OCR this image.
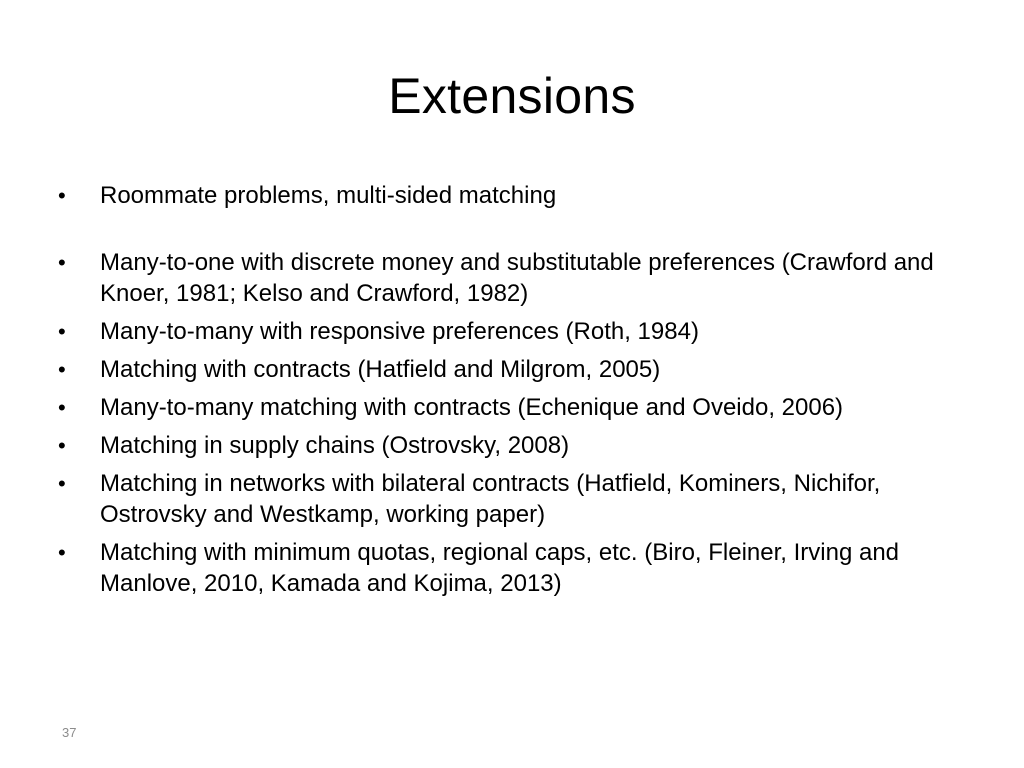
Extensions
•	Roommate problems, multi-sided matching
•	Many-to-one with discrete money and substitutable preferences (Crawford and Knoer, 1981; Kelso and Crawford, 1982)
•	Many-to-many with responsive preferences (Roth, 1984)
•	Matching with contracts (Hatfield and Milgrom, 2005)
•	Many-to-many matching with contracts (Echenique and Oveido, 2006)
•	Matching in supply chains (Ostrovsky, 2008)
•	Matching in networks with bilateral contracts (Hatfield, Kominers, Nichifor, Ostrovsky and Westkamp, working paper)
•	Matching with minimum quotas, regional caps, etc. (Biro, Fleiner, Irving and Manlove, 2010, Kamada and Kojima, 2013)
37
